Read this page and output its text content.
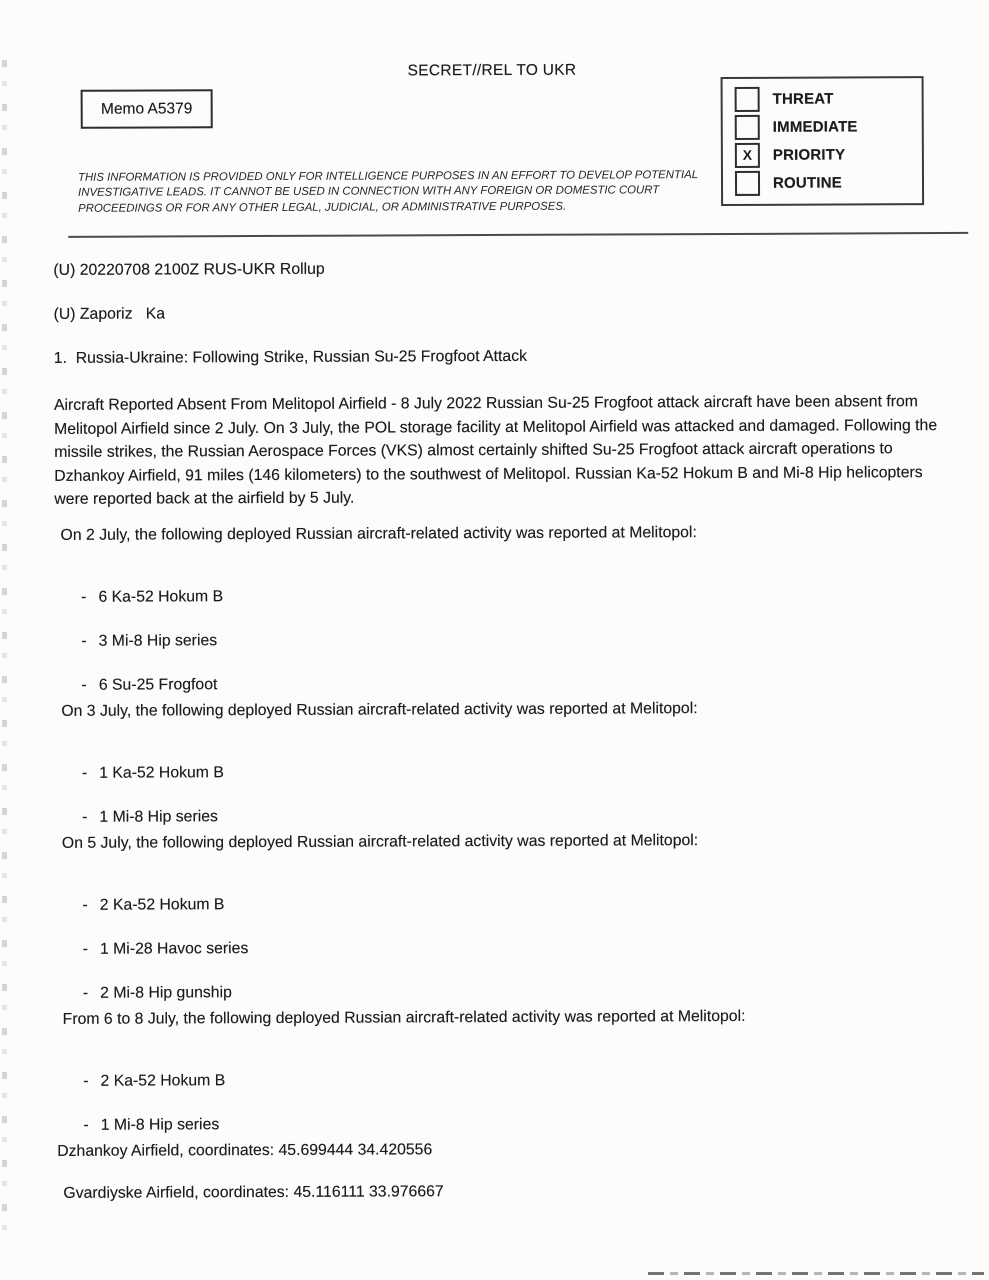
SECRET//REL TO UKR
Memo A5379
THREAT
IMMEDIATE
X	PRIORITY
ROUTINE
THIS INFORMATION IS PROVIDED ONLY FOR INTELLIGENCE PURPOSES IN AN EFFORT TO DEVELOP POTENTIAL INVESTIGATIVE LEADS. IT CANNOT BE USED IN CONNECTION WITH ANY FOREIGN OR DOMESTIC COURT PROCEEDINGS OR FOR ANY OTHER LEGAL, JUDICIAL, OR ADMINISTRATIVE PURPOSES.
(U) 20220708 2100Z RUS-UKR Rollup
(U) Zaporiz   Ka
1.  Russia-Ukraine: Following Strike, Russian Su-25 Frogfoot Attack
Aircraft Reported Absent From Melitopol Airfield - 8 July 2022 Russian Su-25 Frogfoot attack aircraft have been absent from Melitopol Airfield since 2 July. On 3 July, the POL storage facility at Melitopol Airfield was attacked and damaged. Following the missile strikes, the Russian Aerospace Forces (VKS) almost certainly shifted Su-25 Frogfoot attack aircraft operations to Dzhankoy Airfield, 91 miles (146 kilometers) to the southwest of Melitopol. Russian Ka-52 Hokum B and Mi-8 Hip helicopters were reported back at the airfield by 5 July.
On 2 July, the following deployed Russian aircraft-related activity was reported at Melitopol:

- 6 Ka-52 Hokum B

- 3 Mi-8 Hip series

- 6 Su-25 Frogfoot

On 3 July, the following deployed Russian aircraft-related activity was reported at Melitopol:

- 1 Ka-52 Hokum B

- 1 Mi-8 Hip series

On 5 July, the following deployed Russian aircraft-related activity was reported at Melitopol:

- 2 Ka-52 Hokum B

- 1 Mi-28 Havoc series

- 2 Mi-8 Hip gunship

From 6 to 8 July, the following deployed Russian aircraft-related activity was reported at Melitopol:

- 2 Ka-52 Hokum B

- 1 Mi-8 Hip series

Dzhankoy Airfield, coordinates: 45.699444 34.420556
Gvardiyske Airfield, coordinates: 45.116111 33.976667
